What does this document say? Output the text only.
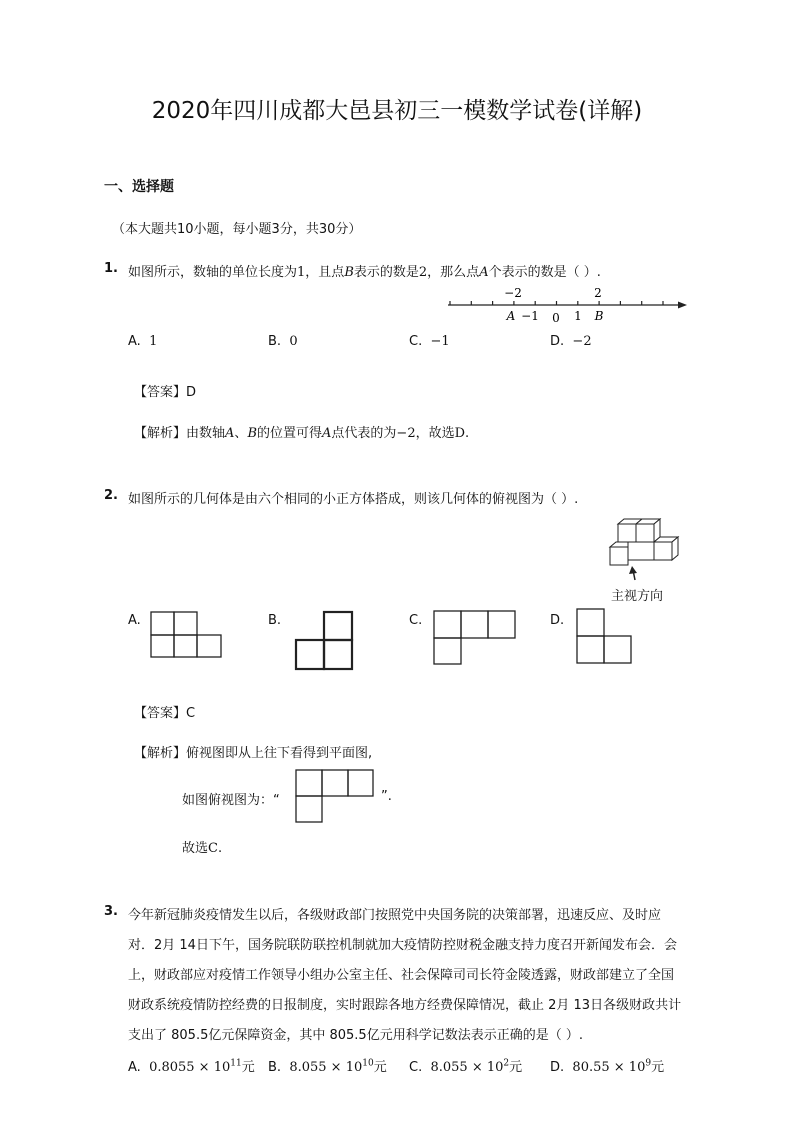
2020年四川成都大邑县初三一模数学试卷(详解)
一、选择题
（本大题共10小题，每小题3分，共30分）
1. 如图所示，数轴的单位长度为1，且点B表示的数是2，那么点A个表示的数是（ ）.
−2	2
A −1 0 1 B
A. 1	B. 0	C. −1	D. −2
【答案】D
【解析】由数轴A、B的位置可得A点代表的为−2，故选D.
2. 如图所示的几何体是由六个相同的小正方体搭成，则该几何体的俯视图为（ ）.
主视方向
A.	B.	C.	D.
【答案】C
【解析】俯视图即从上往下看得到平面图,
如图俯视图为：“	”.
故选C.
3. 今年新冠肺炎疫情发生以后，各级财政部门按照党中央国务院的决策部署，迅速反应、及时应
对．2月 14日下午，国务院联防联控机制就加大疫情防控财税金融支持力度召开新闻发布会．会
上，财政部应对疫情工作领导小组办公室主任、社会保障司司长符金陵透露，财政部建立了全国
财政系统疫情防控经费的日报制度，实时跟踪各地方经费保障情况，截止 2月 13日各级财政共计
支出了 805.5亿元保障资金，其中 805.5亿元用科学记数法表示正确的是（ ）.
A. $0.8055 \times 10^{11}$元 B. $8.055 \times 10^{10}$元 C. $8.055 \times 10^2$元 D. $80.55 \times 10^9$元
